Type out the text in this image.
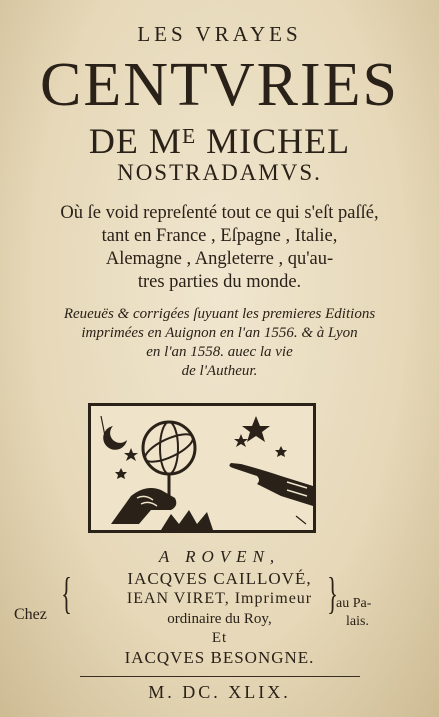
LES VRAYES
CENTVRIES
DE Mᴱ MICHEL
NOSTRADAMVS.
Où ſe void repreſenté tout ce qui s'eſt paſſé,
tant en France , Eſpagne , Italie,
Alemagne , Angleterre , qu'au-
tres parties du monde.
Reueuës & corrigées ſuyuant les premieres Editions
imprimées en Auignon en l'an 1556. & à Lyon
en l'an 1558. auec la vie
de l'Autheur.
A ROVEN,
IACQVES CAILLOVÉ,
IEAN VIRET, Imprimeur
ordinaire du Roy,
Et
IACQVES BESONGNE.
Chez
au Pa-
lais.
{	}
M. DC. XLIX.
